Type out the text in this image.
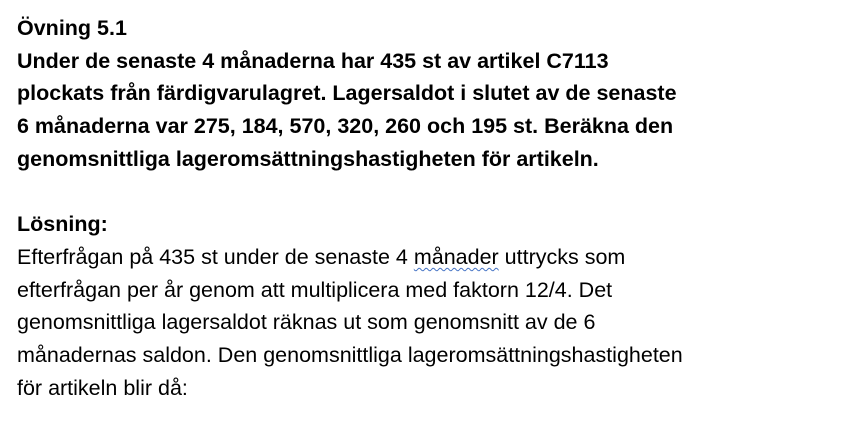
Övning 5.1
Under de senaste 4 månaderna har 435 st av artikel C7113
plockats från färdigvarulagret. Lagersaldot i slutet av de senaste
6 månaderna var 275, 184, 570, 320, 260 och 195 st. Beräkna den
genomsnittliga lageromsättningshastigheten för artikeln.
Lösning:
Efterfrågan på 435 st under de senaste 4 månader uttrycks som
efterfrågan per år genom att multiplicera med faktorn 12/4. Det
genomsnittliga lagersaldot räknas ut som genomsnitt av de 6
månadernas saldon. Den genomsnittliga lageromsättningshastigheten
för artikeln blir då:
